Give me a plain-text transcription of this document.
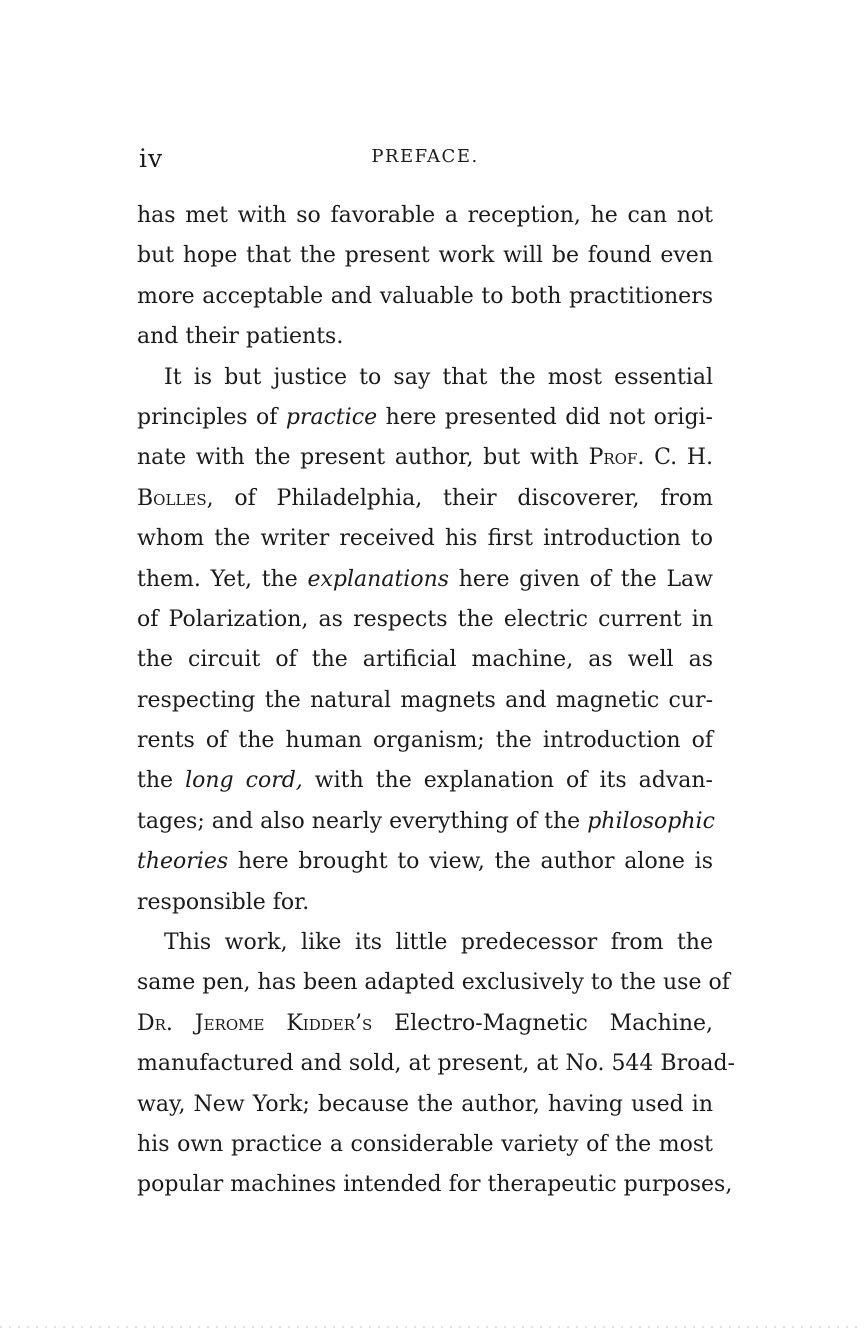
iv	PREFACE.
has met with so favorable a reception, he can not
but hope that the present work will be found even
more acceptable and valuable to both practitioners
and their patients.
It is but justice to say that the most essential
principles of practice here presented did not origi-
nate with the present author, but with Prof. C. H.
Bolles, of Philadelphia, their discoverer, from
whom the writer received his first introduction to
them. Yet, the explanations here given of the Law
of Polarization, as respects the electric current in
the circuit of the artificial machine, as well as
respecting the natural magnets and magnetic cur-
rents of the human organism; the introduction of
the long cord, with the explanation of its advan-
tages; and also nearly everything of the philosophic
theories here brought to view, the author alone is
responsible for.
This work, like its little predecessor from the
same pen, has been adapted exclusively to the use of
Dr. Jerome Kidder’s Electro-Magnetic Machine,
manufactured and sold, at present, at No. 544 Broad-
way, New York; because the author, having used in
his own practice a considerable variety of the most
popular machines intended for therapeutic purposes,
